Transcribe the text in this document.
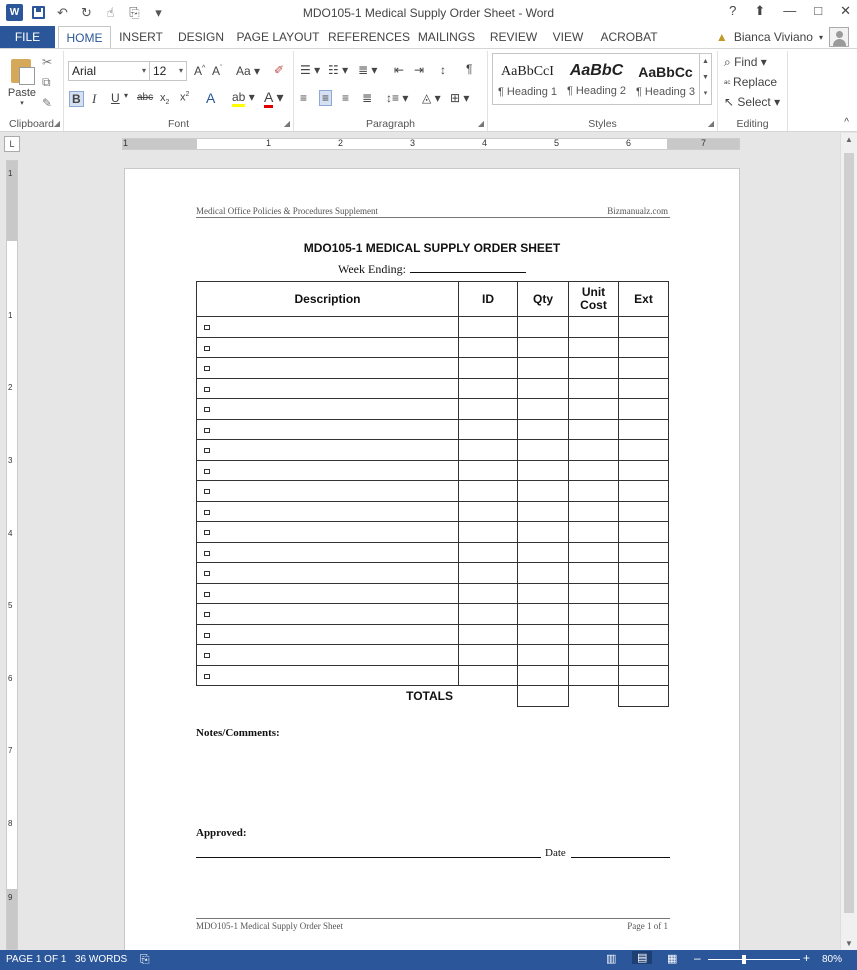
W	↶ ↻ ☝ ⎘ ▾	MDO105-1 Medical Supply Order Sheet - Word	? ⬆ — □ ✕
FILE	HOME	INSERT	DESIGN	PAGE LAYOUT REFERENCES MAILINGS	REVIEW	VIEW	ACROBAT	▲ Bianca Viviano ▾
Paste
▾
✂
⧉
✎
Clipboard ◢
Arial	▾ 12 ▾ A^ $A^ˇ$ Aa ▾ ✐
B I U ▾ abc $x_2$ $x^2$ A ab ▾ A ▾
Font	◢
☰ ▾ ☷ ▾ ≣ ▾ ⇤ ⇥ ↕ ¶
≡ ≡ ≡ ≣ ↕≡ ▾ ◬ ▾ ⊞ ▾
Paragraph	◢	Styles	◢
AaBbCcI
¶ Heading 1
AaBbC
¶ Heading 2
AaBbCc
¶ Heading 3
▲
▼
▾
Editing
⌕ Find ▾
ᵃᶜ Replace
↖ Select ▾
^
L	1	1	2	3	4	5	6	7
1
1
2
3
4
5
6
7
8
9
▲
▼
Medical Office Policies & Procedures Supplement	Bizmanualz.com
MDO105-1 MEDICAL SUPPLY ORDER SHEET
Week Ending:
Description	ID	Qty	Unit Cost	Ext

TOTALS				
Notes/Comments:
Approved:
Date
MDO105-1 Medical Supply Order Sheet	Page 1 of 1
PAGE 1 OF 1 36 WORDS ⎘	▥	▤	▦ –	+ 80%
